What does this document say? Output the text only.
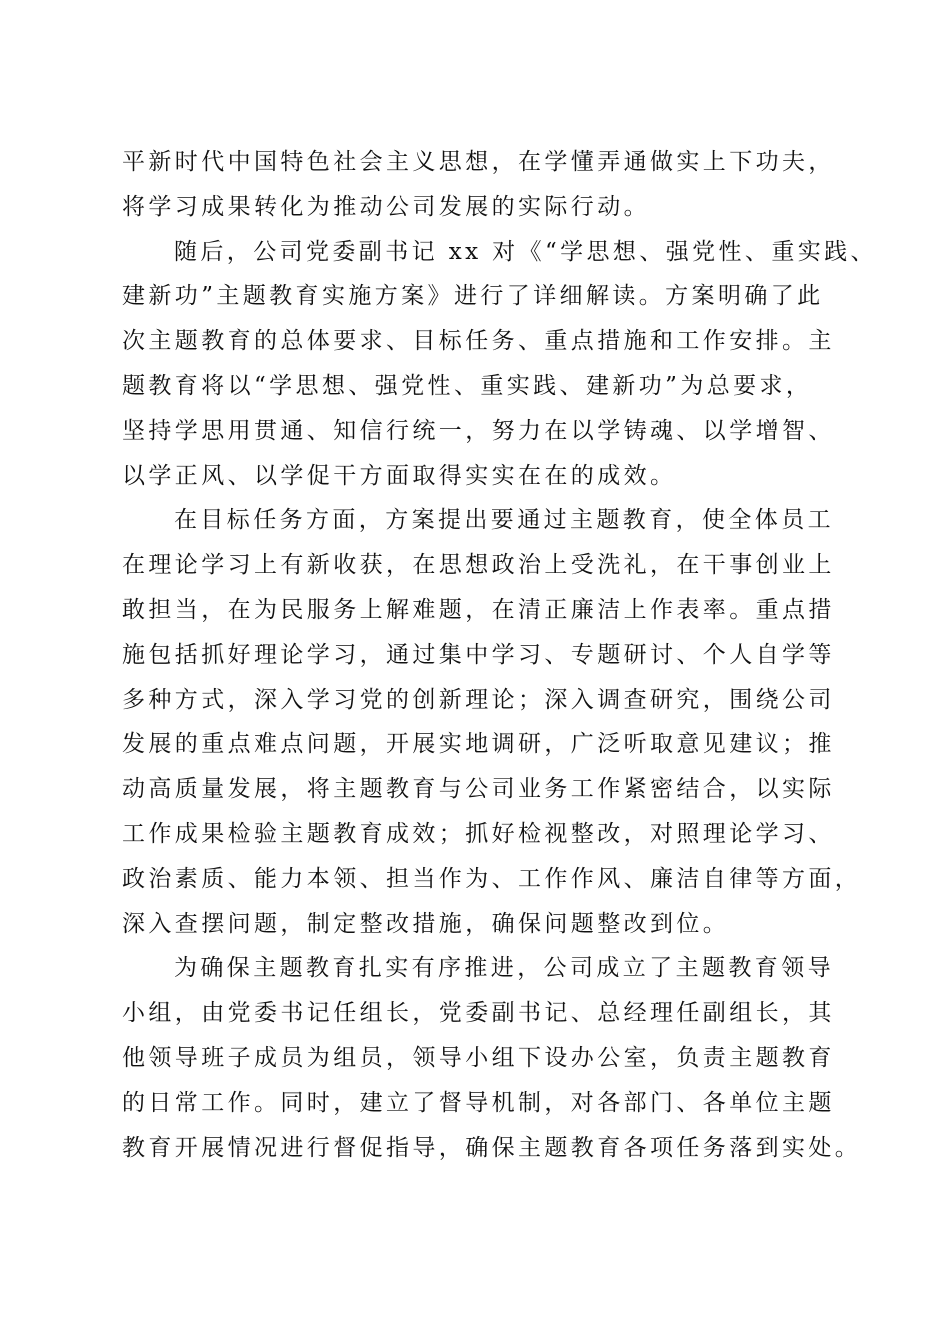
平新时代中国特色社会主义思想，在学懂弄通做实上下功夫，
将学习成果转化为推动公司发展的实际行动。
随后，公司党委副书记 xx 对《“学思想、强党性、重实践、
建新功”主题教育实施方案》进行了详细解读。方案明确了此
次主题教育的总体要求、目标任务、重点措施和工作安排。主
题教育将以“学思想、强党性、重实践、建新功”为总要求，
坚持学思用贯通、知信行统一，努力在以学铸魂、以学增智、
以学正风、以学促干方面取得实实在在的成效。
在目标任务方面，方案提出要通过主题教育，使全体员工
在理论学习上有新收获，在思想政治上受洗礼，在干事创业上
敢担当，在为民服务上解难题，在清正廉洁上作表率。重点措
施包括抓好理论学习，通过集中学习、专题研讨、个人自学等
多种方式，深入学习党的创新理论；深入调查研究，围绕公司
发展的重点难点问题，开展实地调研，广泛听取意见建议；推
动高质量发展，将主题教育与公司业务工作紧密结合，以实际
工作成果检验主题教育成效；抓好检视整改，对照理论学习、
政治素质、能力本领、担当作为、工作作风、廉洁自律等方面，
深入查摆问题，制定整改措施，确保问题整改到位。
为确保主题教育扎实有序推进，公司成立了主题教育领导
小组，由党委书记任组长，党委副书记、总经理任副组长，其
他领导班子成员为组员，领导小组下设办公室，负责主题教育
的日常工作。同时，建立了督导机制，对各部门、各单位主题
教育开展情况进行督促指导，确保主题教育各项任务落到实处。
